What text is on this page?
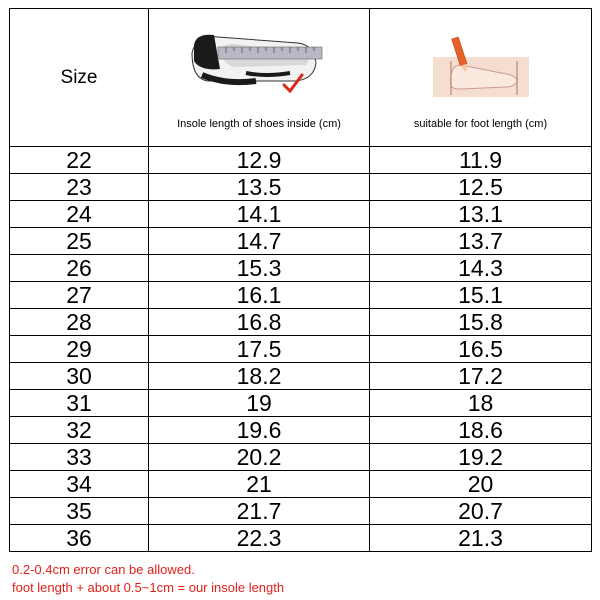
Size	Insole length of shoes inside (cm)	suitable for foot length (cm)

22	12.9	11.9
23	13.5	12.5
24	14.1	13.1
25	14.7	13.7
26	15.3	14.3
27	16.1	15.1
28	16.8	15.8
29	17.5	16.5
30	18.2	17.2
31	19	18
32	19.6	18.6
33	20.2	19.2
34	21	20
35	21.7	20.7
36	22.3	21.3
0.2-0.4cm error can be allowed.
foot length + about 0.5~1cm = our insole length
